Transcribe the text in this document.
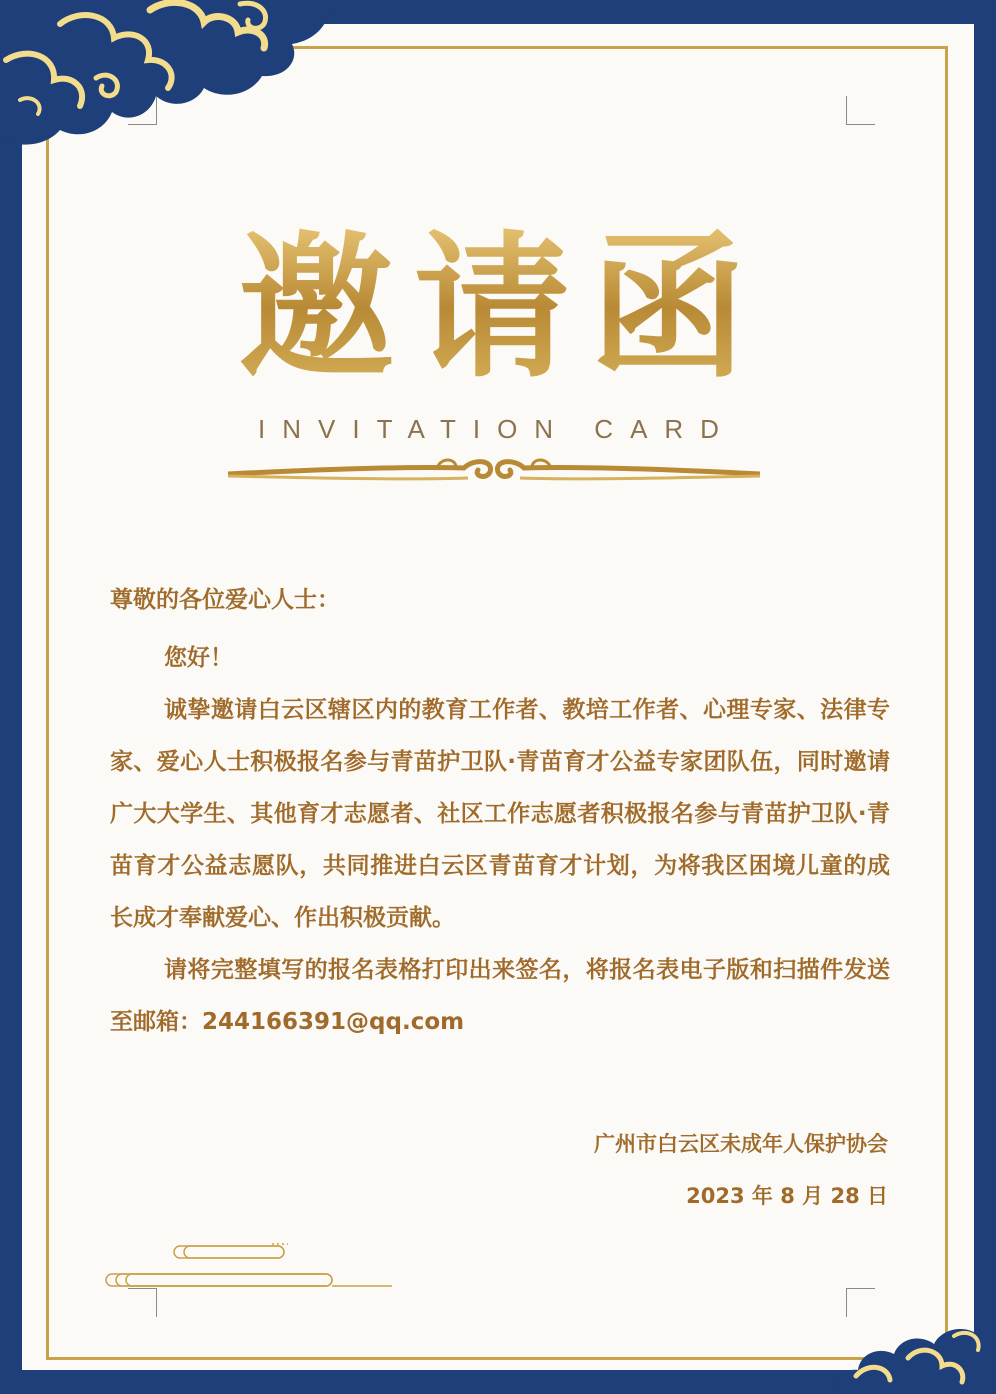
邀请函
INVITATION CARD

尊敬的各位爱心人士：

您好！

诚挚邀请白云区辖区内的教育工作者、教培工作者、心理专家、法律专家、爱心人士积极报名参与青苗护卫队·青苗育才公益专家团队伍，同时邀请广大大学生、其他育才志愿者、社区工作志愿者积极报名参与青苗护卫队·青苗育才公益志愿队，共同推进白云区青苗育才计划，为将我区困境儿童的成长成才奉献爱心、作出积极贡献。

请将完整填写的报名表格打印出来签名，将报名表电子版和扫描件发送至邮箱：244166391@qq.com

广州市白云区未成年人保护协会
2023 年 8 月 28 日
